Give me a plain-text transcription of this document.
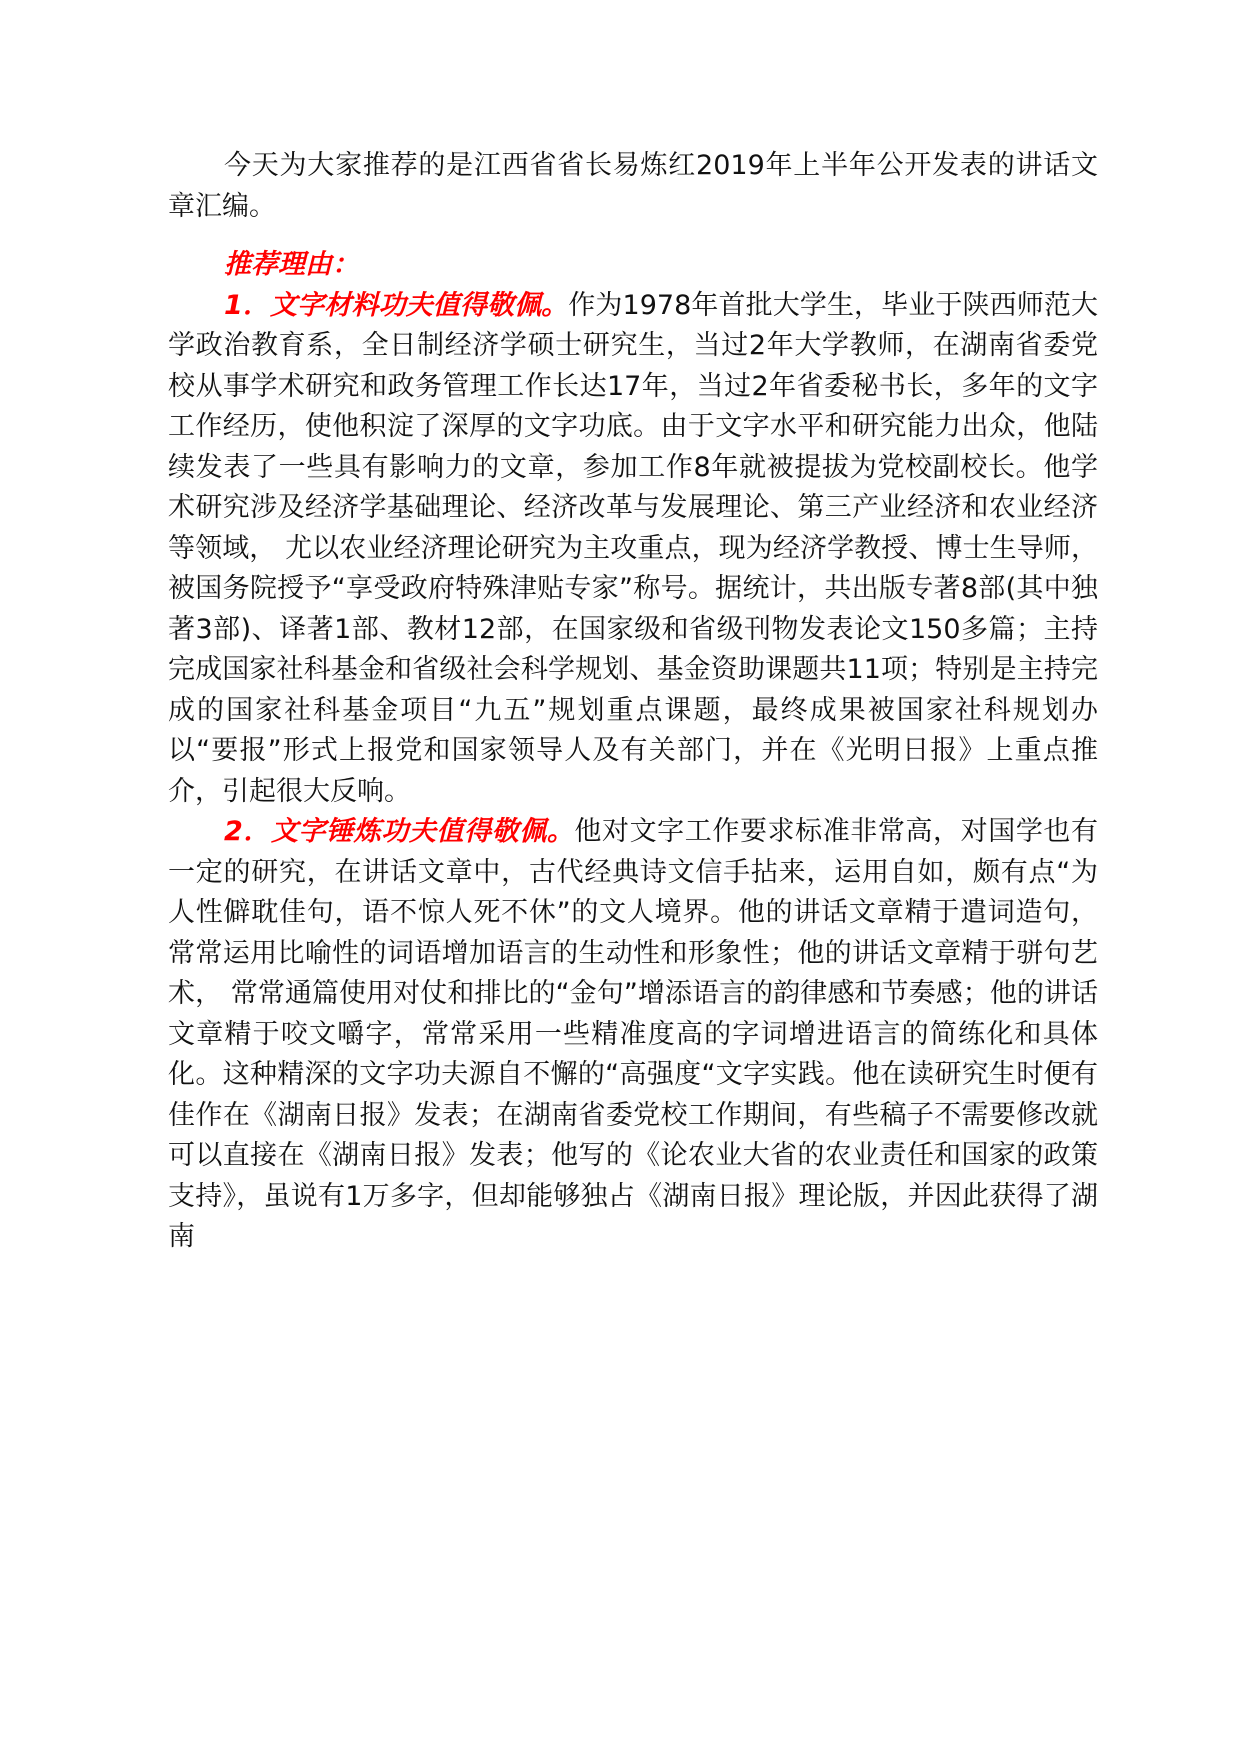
今天为大家推荐的是江西省省长易炼红2019年上半年公开发表的讲话文章汇编。

推荐理由：

1．文字材料功夫值得敬佩。作为1978年首批大学生，毕业于陕西师范大学政治教育系，全日制经济学硕士研究生，当过2年大学教师，在湖南省委党校从事学术研究和政务管理工作长达17年，当过2年省委秘书长，多年的文字工作经历，使他积淀了深厚的文字功底。由于文字水平和研究能力出众，他陆续发表了一些具有影响力的文章，参加工作8年就被提拔为党校副校长。他学术研究涉及经济学基础理论、经济改革与发展理论、第三产业经济和农业经济等领域， 尤以农业经济理论研究为主攻重点，现为经济学教授、博士生导师，被国务院授予“享受政府特殊津贴专家”称号。据统计，共出版专著8部(其中独著3部)、译著1部、教材12部，在国家级和省级刊物发表论文150多篇；主持完成国家社科基金和省级社会科学规划、基金资助课题共11项；特别是主持完成的国家社科基金项目“九五”规划重点课题，最终成果被国家社科规划办以“要报”形式上报党和国家领导人及有关部门，并在《光明日报》上重点推介，引起很大反响。

2．文字锤炼功夫值得敬佩。他对文字工作要求标准非常高，对国学也有一定的研究，在讲话文章中，古代经典诗文信手拈来，运用自如，颇有点“为人性僻耽佳句，语不惊人死不休”的文人境界。他的讲话文章精于遣词造句，常常运用比喻性的词语增加语言的生动性和形象性；他的讲话文章精于骈句艺术， 常常通篇使用对仗和排比的“金句”增添语言的韵律感和节奏感；他的讲话文章精于咬文嚼字，常常采用一些精准度高的字词增进语言的简练化和具体化。这种精深的文字功夫源自不懈的“高强度“文字实践。他在读研究生时便有佳作在《湖南日报》发表；在湖南省委党校工作期间，有些稿子不需要修改就可以直接在《湖南日报》发表；他写的《论农业大省的农业责任和国家的政策支持》，虽说有1万多字，但却能够独占《湖南日报》理论版，并因此获得了湖南
